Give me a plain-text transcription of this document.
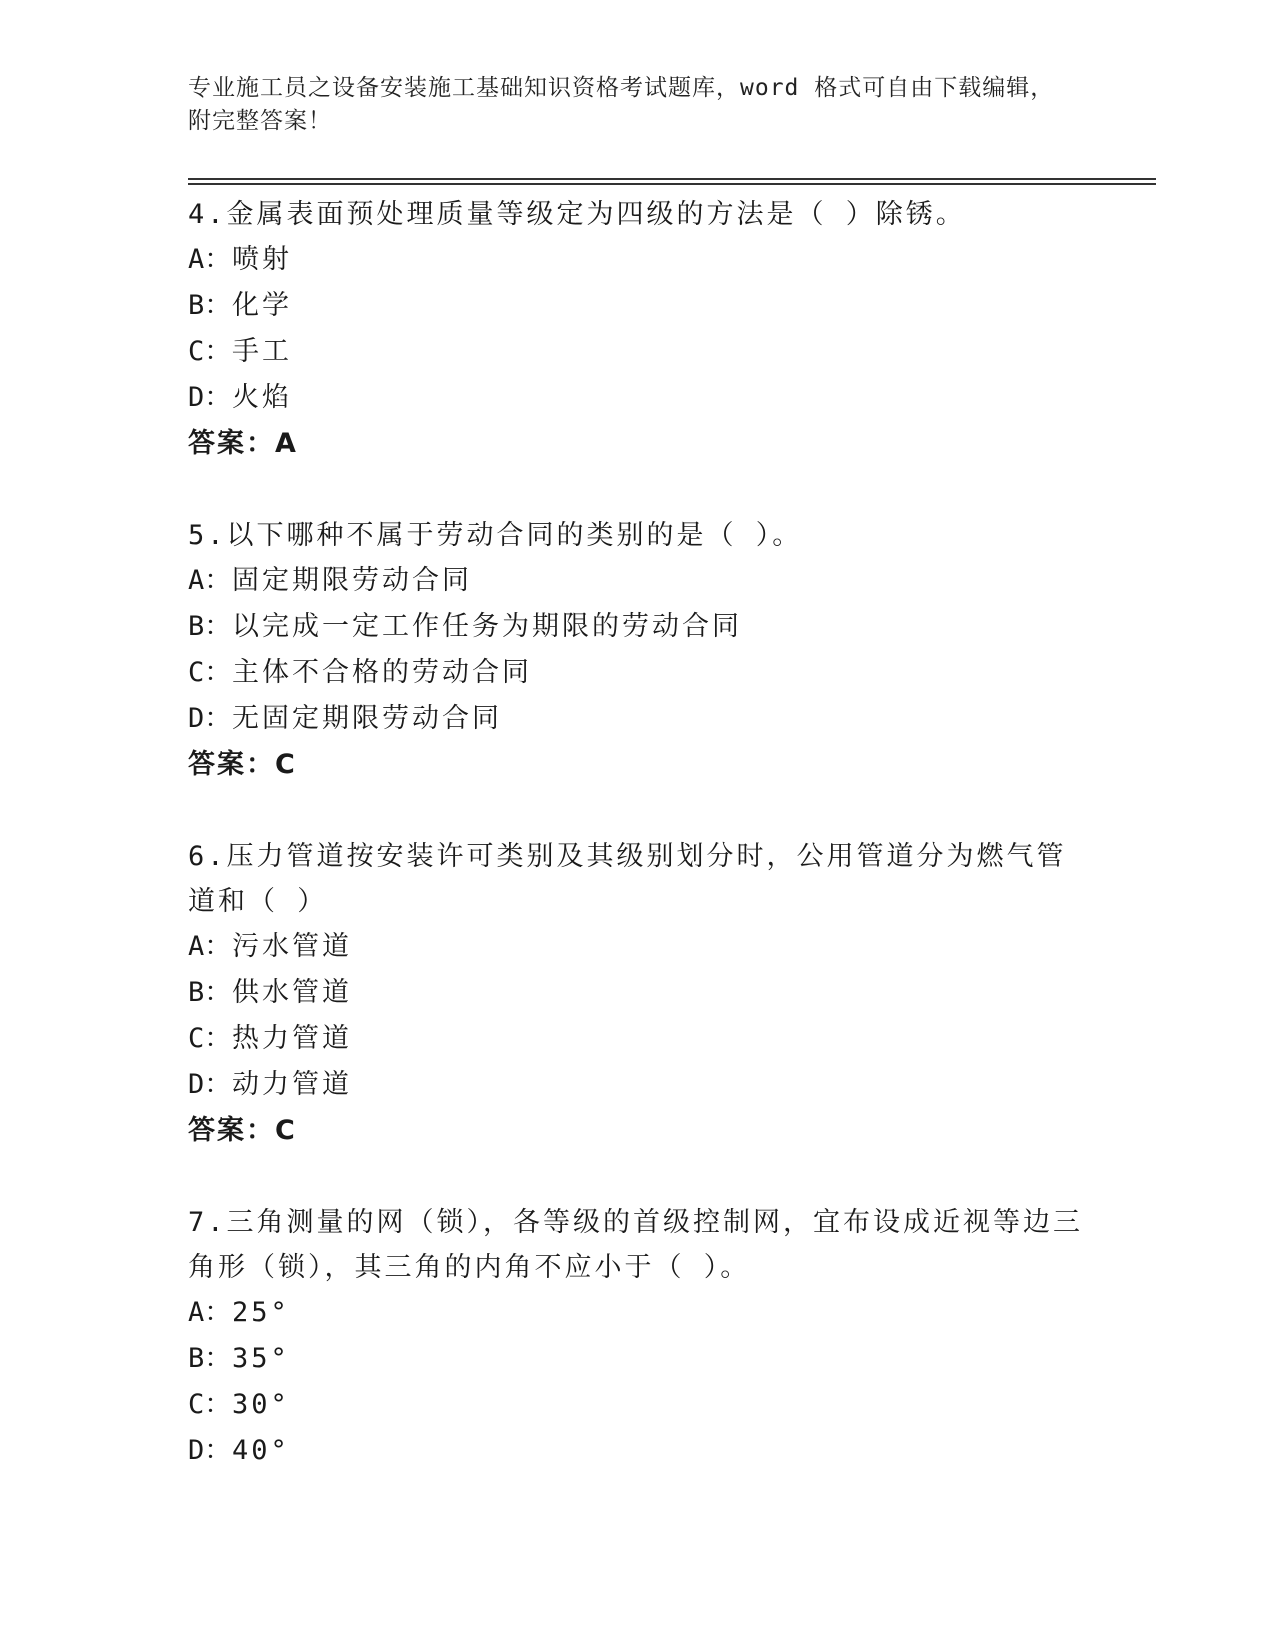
专业施工员之设备安装施工基础知识资格考试题库，word 格式可自由下载编辑，
附完整答案！

4.金属表面预处理质量等级定为四级的方法是（ ）除锈。

A：喷射
B：化学
C：手工
D：火焰
答案：A

5.以下哪种不属于劳动合同的类别的是（ ）。

A：固定期限劳动合同
B：以完成一定工作任务为期限的劳动合同
C：主体不合格的劳动合同
D：无固定期限劳动合同
答案：C

6.压力管道按安装许可类别及其级别划分时，公用管道分为燃气管道和（ ）

A：污水管道
B：供水管道
C：热力管道
D：动力管道
答案：C

7.三角测量的网（锁），各等级的首级控制网，宜布设成近视等边三角形（锁），其三角的内角不应小于（ ）。

A：25°
B：35°
C：30°
D：40°
